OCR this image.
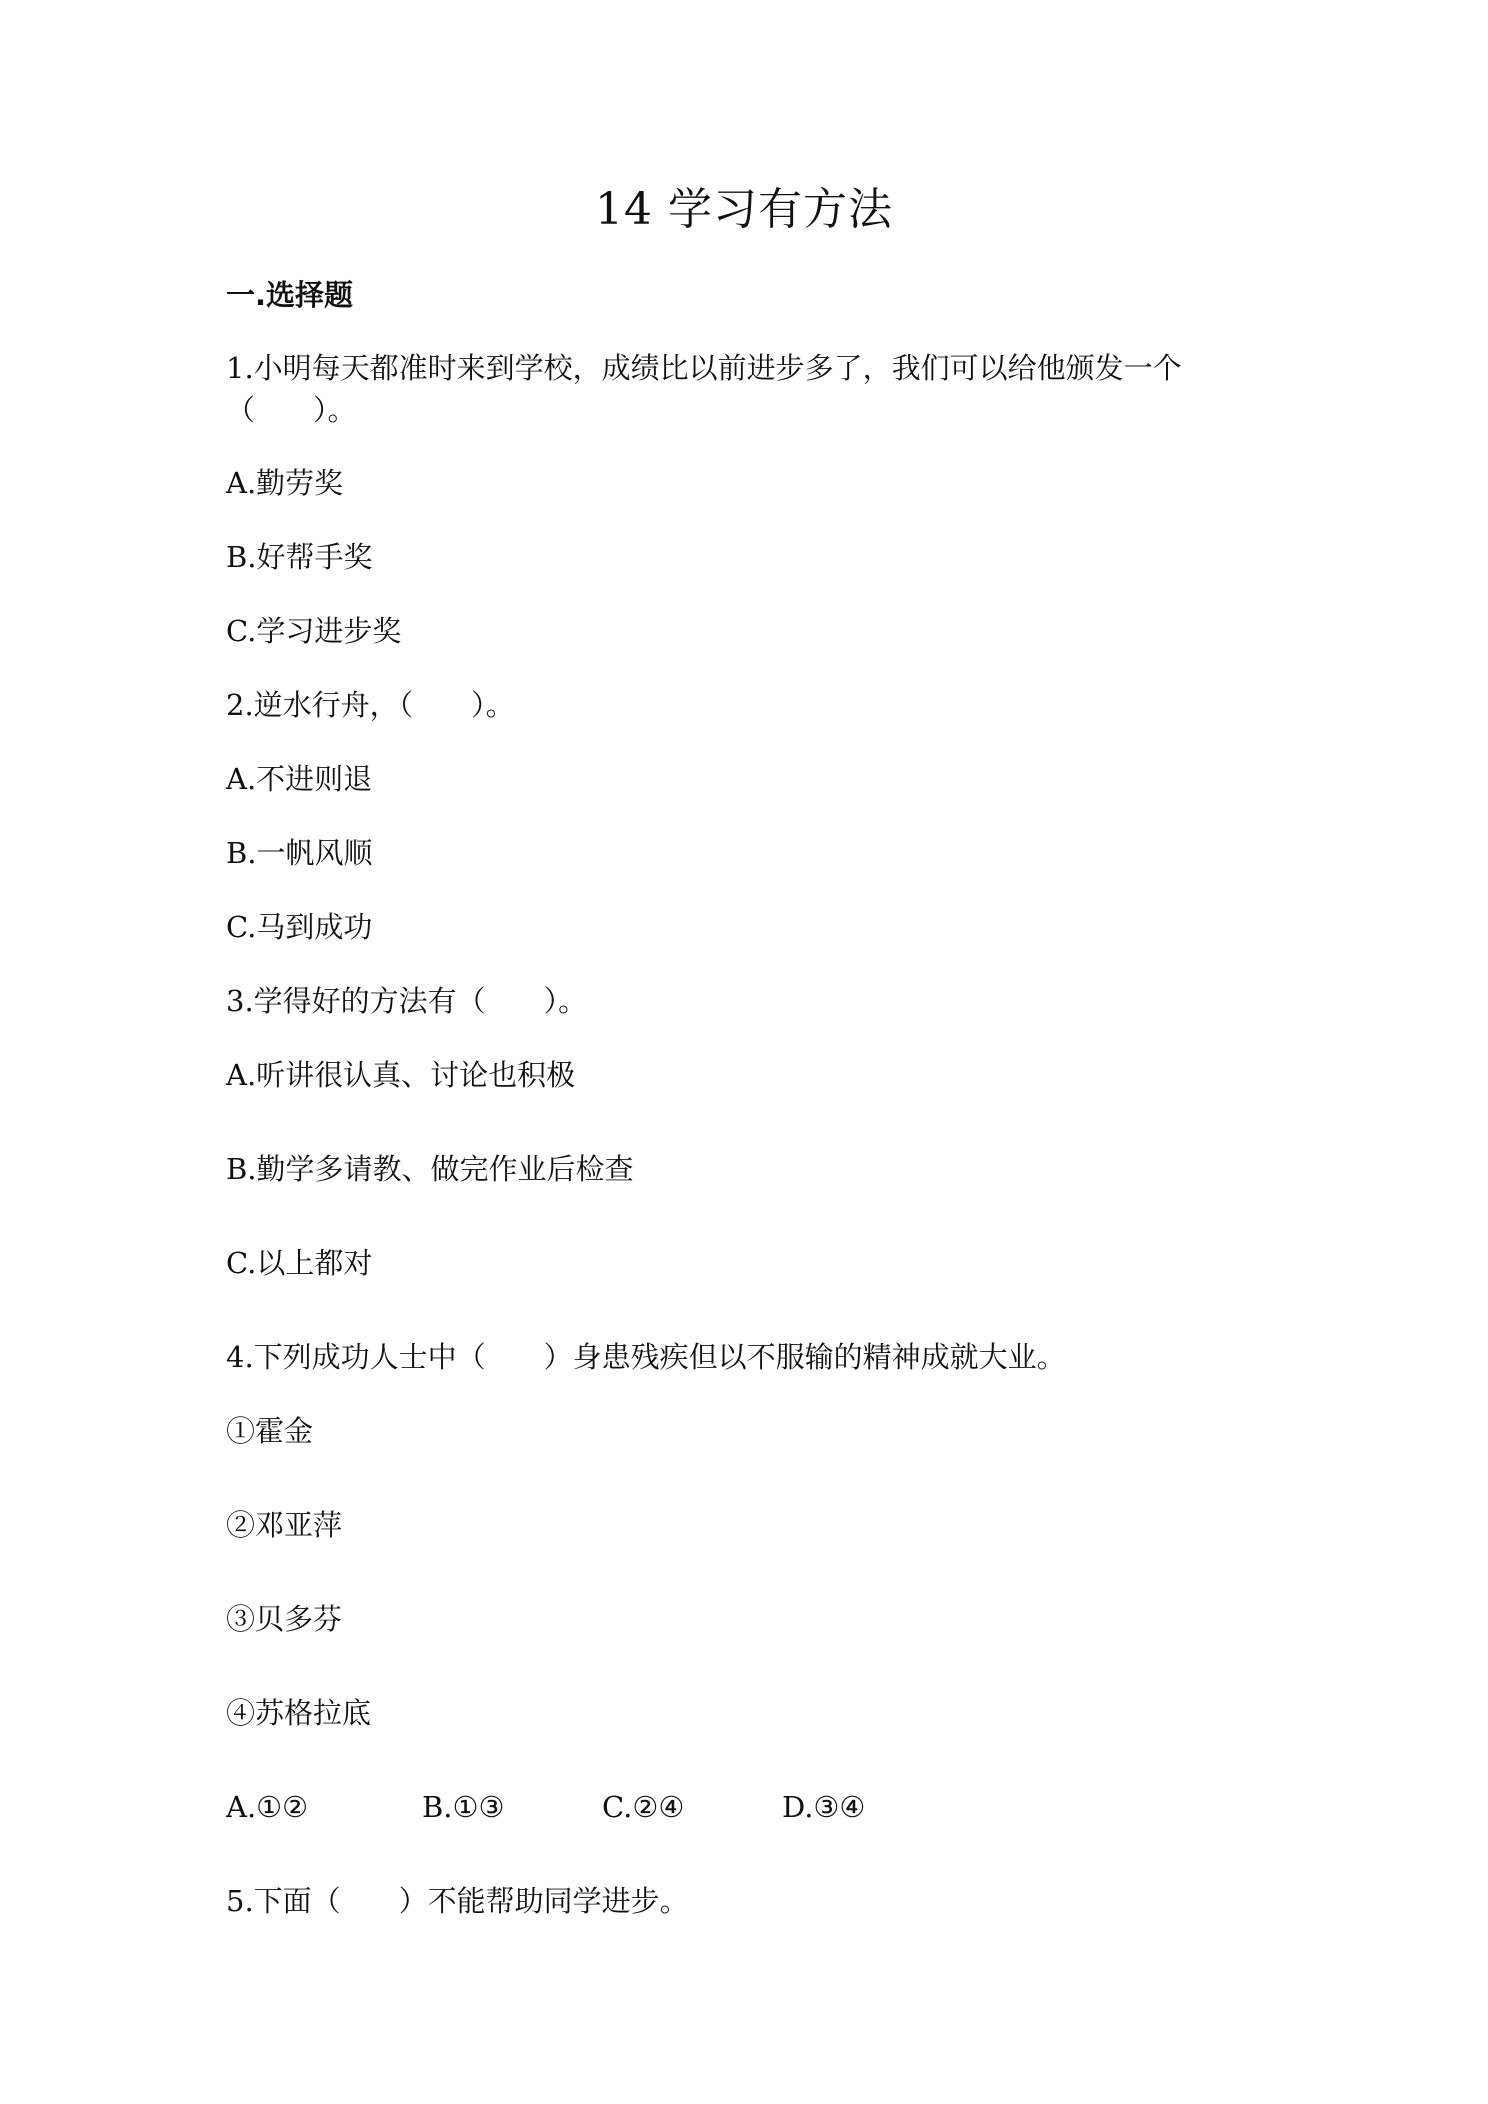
14 学习有方法
一.选择题
1.小明每天都准时来到学校，成绩比以前进步多了，我们可以给他颁发一个
（　　）。
A.勤劳奖
B.好帮手奖
C.学习进步奖
2.逆水行舟，（　　）。
A.不进则退
B.一帆风顺
C.马到成功
3.学得好的方法有（　　）。
A.听讲很认真、讨论也积极
B.勤学多请教、做完作业后检查
C.以上都对
4.下列成功人士中（　　）身患残疾但以不服输的精神成就大业。
①霍金
②邓亚萍
③贝多芬
④苏格拉底
A.①②	B.①③	C.②④	D.③④
5.下面（　　）不能帮助同学进步。
